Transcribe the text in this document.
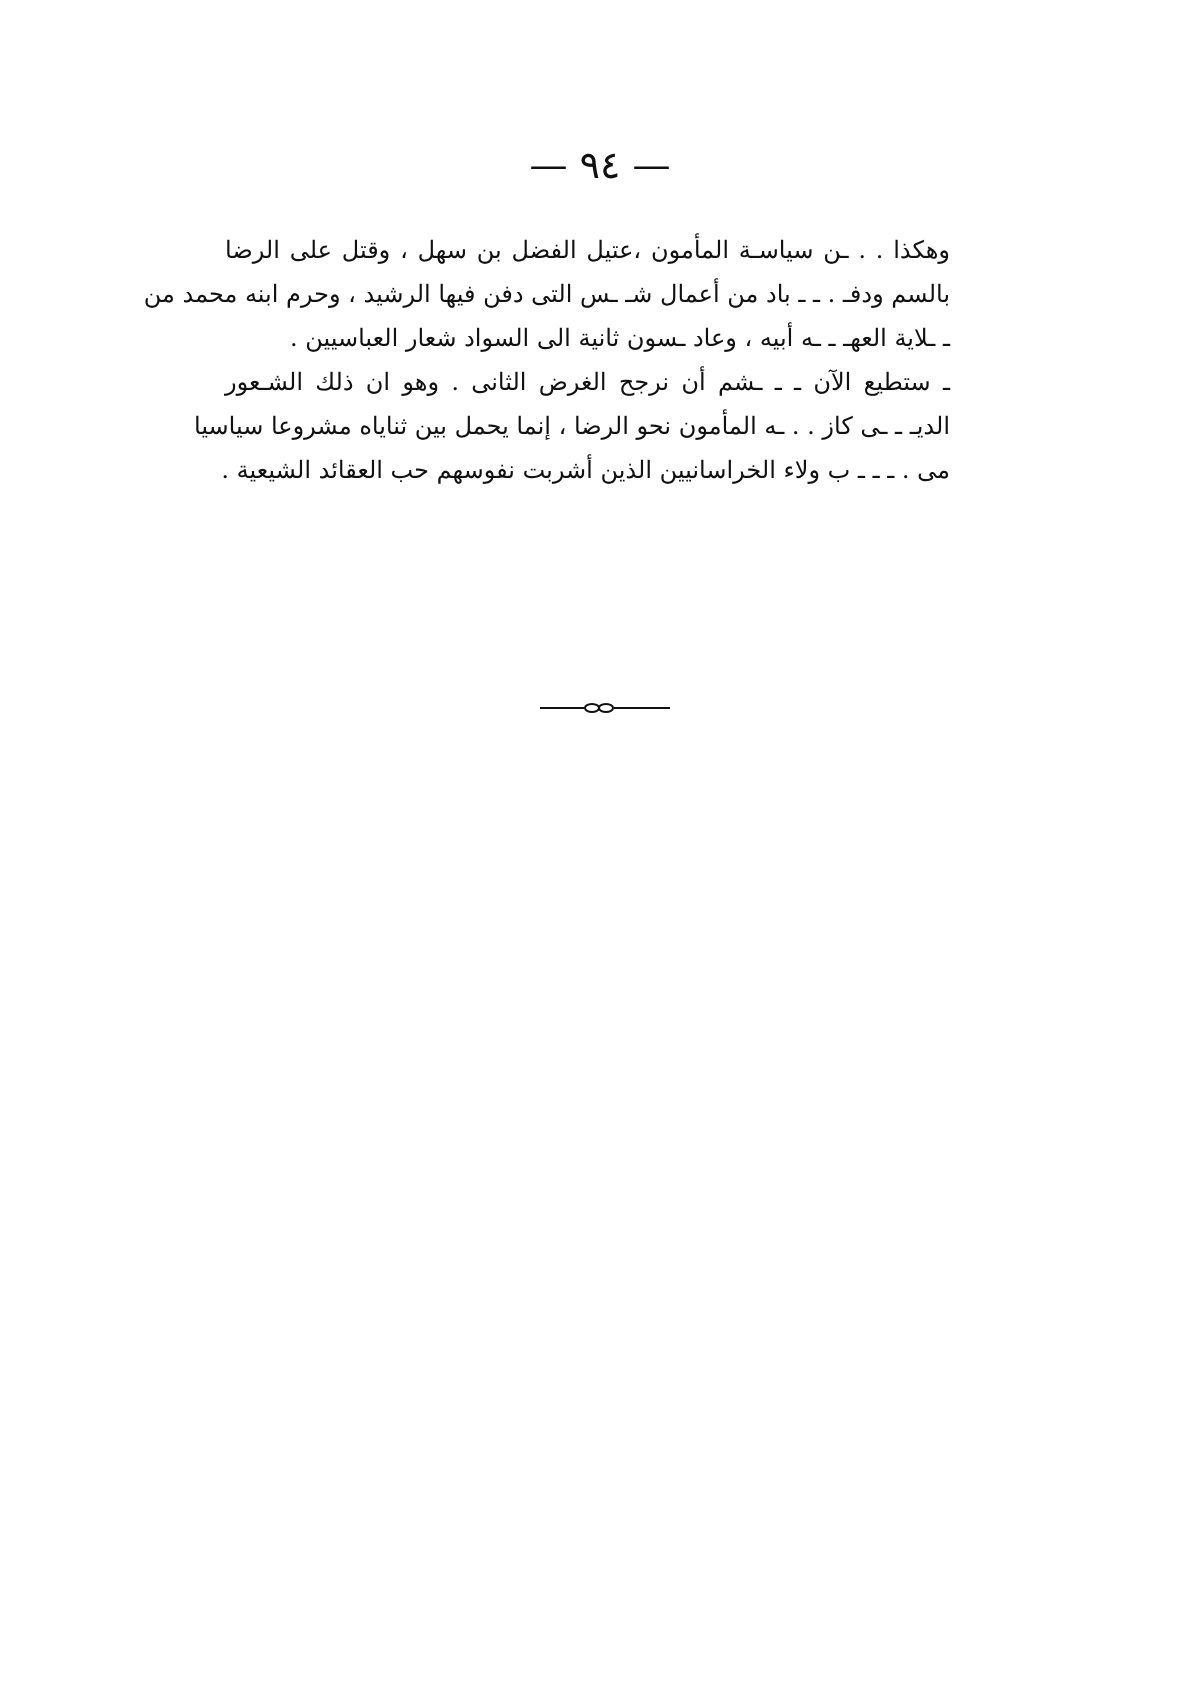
— ٩٤ —
وهكذا . . ـن سياسـة المأمون ،عتيل الفضل بن سهل ، وقتل على الرضا
بالسم ودفـ . ـ ـ باد من أعمال شـ ـس التى دفن فيها الرشيد ، وحرم ابنه محمد من
ـ ـلاية العهـ ـ ـه أبيه ، وعاد ـسون ثانية الى السواد شعار العباسيين .
ـ ستطيع الآن ـ ـ ـشم أن نرجح الغرض الثانى . وهو ان ذلك الشـعور
الديـ ـ ـى كاز . . ـه المأمون نحو الرضا ، إنما يحمل بين ثناياه مشروعا سياسيا
مى . ـ ـ ـ ب ولاء الخراسانيين الذين أشربت نفوسهم حب العقائد الشيعية .
